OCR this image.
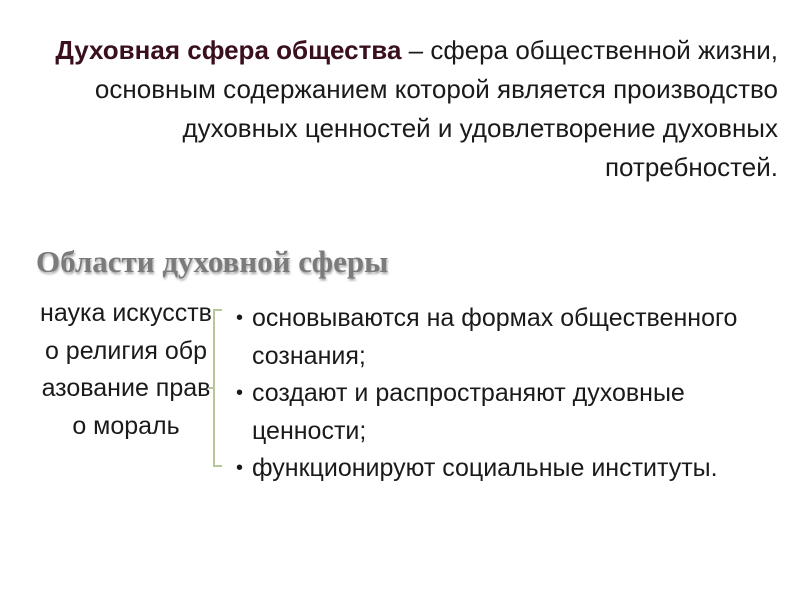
Духовная сфера общества – сфера общественной жизни, основным содержанием которой является производство духовных ценностей и удовлетворение духовных потребностей.
Области духовной сферы
наука искусство религия образование право мораль
• основываются на формах общественного сознания;
• создают и распространяют духовные ценности;
• функционируют социальные институты.
